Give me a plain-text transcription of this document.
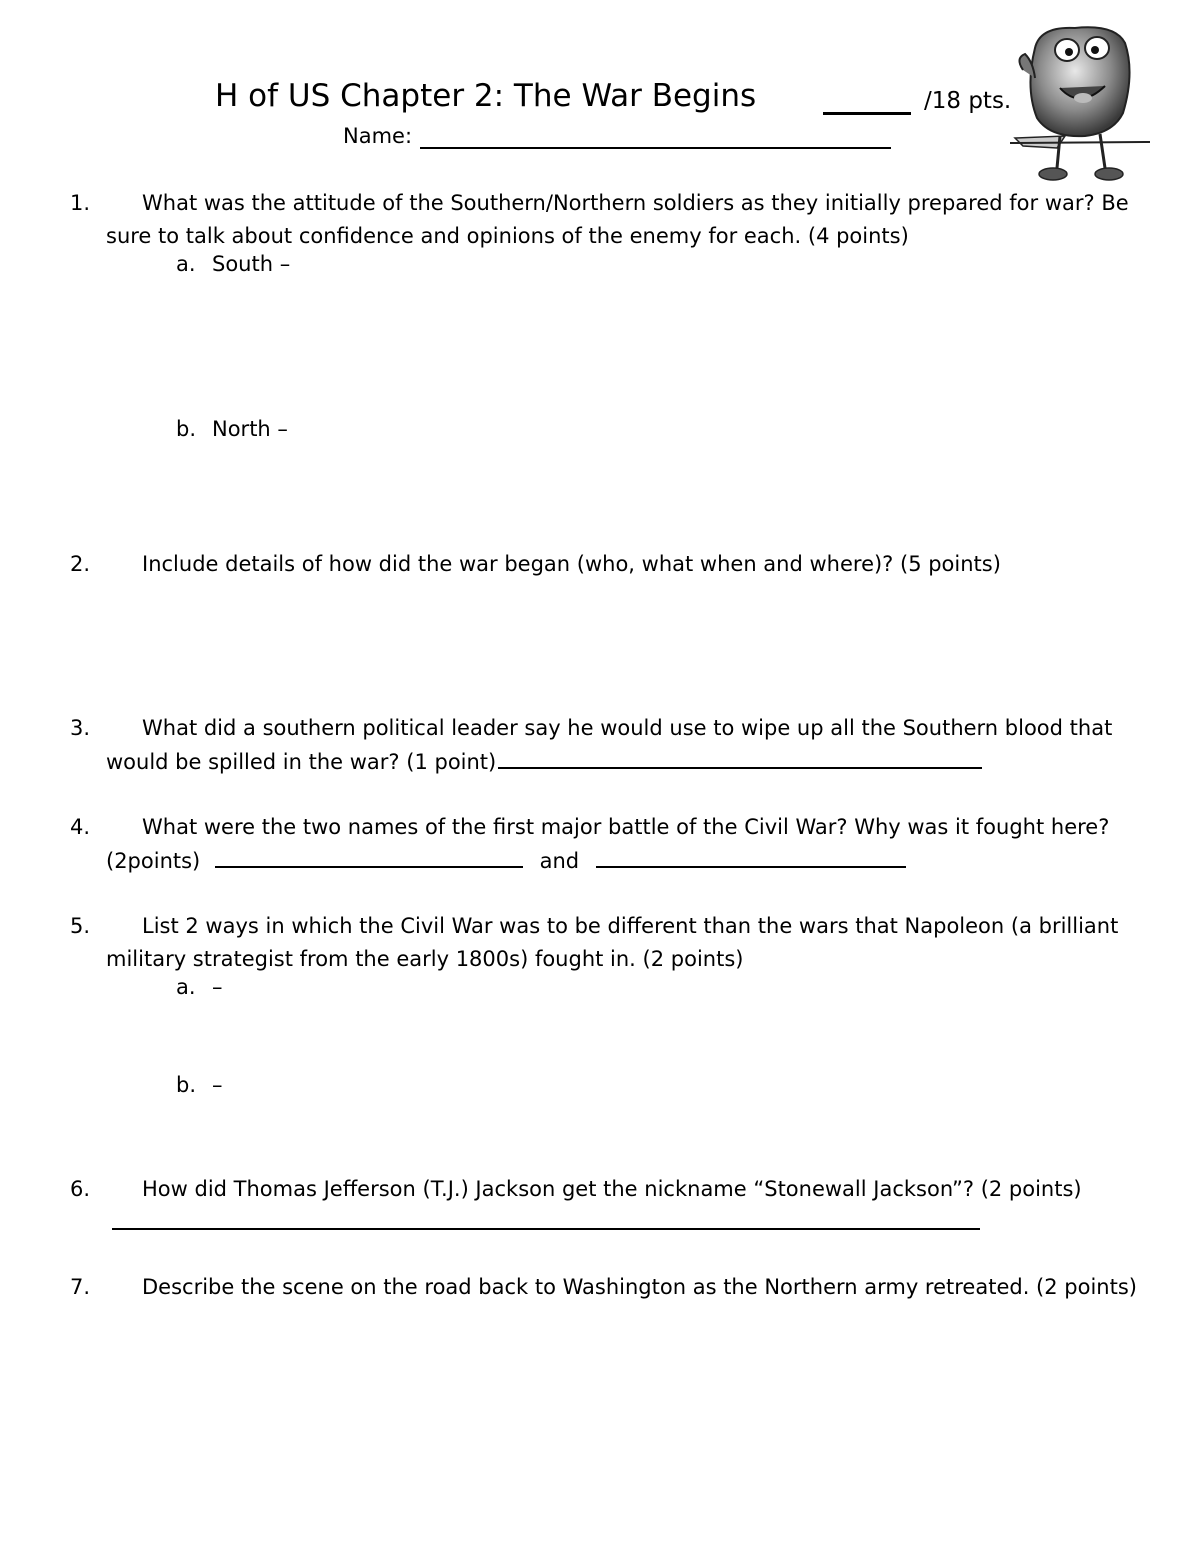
H of US Chapter 2: The War Begins	/18 pts.
Name:
1.	What was the attitude of the Southern/Northern soldiers as they initially prepared for war? Be sure to talk about confidence and opinions of the enemy for each. (4 points)
a. South –
b. North –
2.	Include details of how did the war began (who, what when and where)? (5 points)
3.	What did a southern political leader say he would use to wipe up all the Southern blood that would be spilled in the war? (1 point)
4.	What were the two names of the first major battle of the Civil War? Why was it fought here? (2points)	and
5.	List 2 ways in which the Civil War was to be different than the wars that Napoleon (a brilliant military strategist from the early 1800s) fought in. (2 points)
a. –
b. –
6.	How did Thomas Jefferson (T.J.) Jackson get the nickname “Stonewall Jackson”? (2 points)
7.	Describe the scene on the road back to Washington as the Northern army retreated. (2 points)
